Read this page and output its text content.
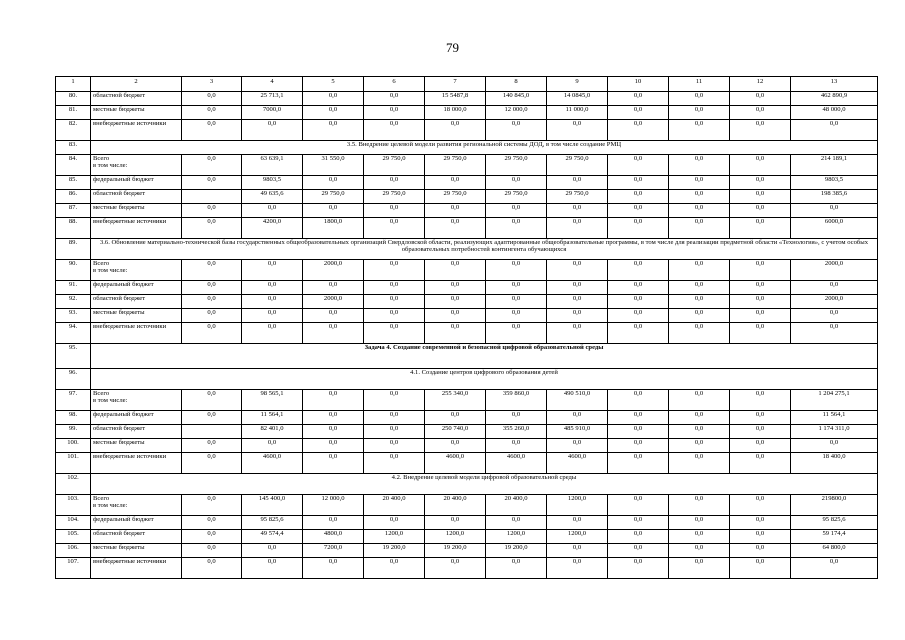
79
1	2	3	4	5	6	7	8	9	10	11	12	13
80.	областной бюджет	0,0	25 713,1	0,0	0,0	15 5487,8	140 845,0	14 0845,0	0,0	0,0	0,0	462 890,9
81.	местные бюджеты	0,0	7000,0	0,0	0,0	18 000,0	12 000,0	11 000,0	0,0	0,0	0,0	48 000,0
82.	внебюджетные источники	0,0	0,0	0,0	0,0	0,0	0,0	0,0	0,0	0,0	0,0	0,0
83.	3.5. Внедрение целевой модели развития региональной системы ДОД, в том числе создание РМЦ											
84.	Всего
в том числе:	0,0	63 639,1	31 550,0	29 750,0	29 750,0	29 750,0	29 750,0	0,0	0,0	0,0	214 189,1
85.	федеральный бюджет	0,0	9803,5	0,0	0,0	0,0	0,0	0,0	0,0	0,0	0,0	9803,5
86.	областной бюджет		49 635,6	29 750,0	29 750,0	29 750,0	29 750,0	29 750,0	0,0	0,0	0,0	198 385,6
87.	местные бюджеты	0,0	0,0	0,0	0,0	0,0	0,0	0,0	0,0	0,0	0,0	0,0
88.	внебюджетные источники	0,0	4200,0	1800,0	0,0	0,0	0,0	0,0	0,0	0,0	0,0	6000,0
89.	3.6. Обновление материально-технической базы государственных общеобразовательных организаций Свердловской области, реализующих адаптированные общеобразовательные программы, в том числе для реализации предметной области «Технология», с учетом особых образовательных потребностей контингента обучающихся											
90.	Всего
в том числе:	0,0	0,0	2000,0	0,0	0,0	0,0	0,0	0,0	0,0	0,0	2000,0
91.	федеральный бюджет	0,0	0,0	0,0	0,0	0,0	0,0	0,0	0,0	0,0	0,0	0,0
92.	областной бюджет	0,0	0,0	2000,0	0,0	0,0	0,0	0,0	0,0	0,0	0,0	2000,0
93.	местные бюджеты	0,0	0,0	0,0	0,0	0,0	0,0	0,0	0,0	0,0	0,0	0,0
94.	внебюджетные источники	0,0	0,0	0,0	0,0	0,0	0,0	0,0	0,0	0,0	0,0	0,0
95.	Задача 4. Создание современной и безопасной цифровой образовательной среды											
96.	4.1. Создание центров цифрового образования детей											
97.	Всего
в том числе:	0,0	98 565,1	0,0	0,0	255 340,0	359 860,0	490 510,0	0,0	0,0	0,0	1 204 275,1
98.	федеральный бюджет	0,0	11 564,1	0,0	0,0	0,0	0,0	0,0	0,0	0,0	0,0	11 564,1
99.	областной бюджет		82 401,0	0,0	0,0	250 740,0	355 260,0	485 910,0	0,0	0,0	0,0	1 174 311,0
100.	местные бюджеты	0,0	0,0	0,0	0,0	0,0	0,0	0,0	0,0	0,0	0,0	0,0
101.	внебюджетные источники	0,0	4600,0	0,0	0,0	4600,0	4600,0	4600,0	0,0	0,0	0,0	18 400,0
102.	4.2. Внедрение целевой модели цифровой образовательной среды											
103.	Всего
в том числе:	0,0	145 400,0	12 000,0	20 400,0	20 400,0	20 400,0	1200,0	0,0	0,0	0,0	219800,0
104.	федеральный бюджет	0,0	95 825,6	0,0	0,0	0,0	0,0	0,0	0,0	0,0	0,0	95 825,6
105.	областной бюджет	0,0	49 574,4	4800,0	1200,0	1200,0	1200,0	1200,0	0,0	0,0	0,0	59 174,4
106.	местные бюджеты	0,0	0,0	7200,0	19 200,0	19 200,0	19 200,0	0,0	0,0	0,0	0,0	64 800,0
107.	внебюджетные источники	0,0	0,0	0,0	0,0	0,0	0,0	0,0	0,0	0,0	0,0	0,0
